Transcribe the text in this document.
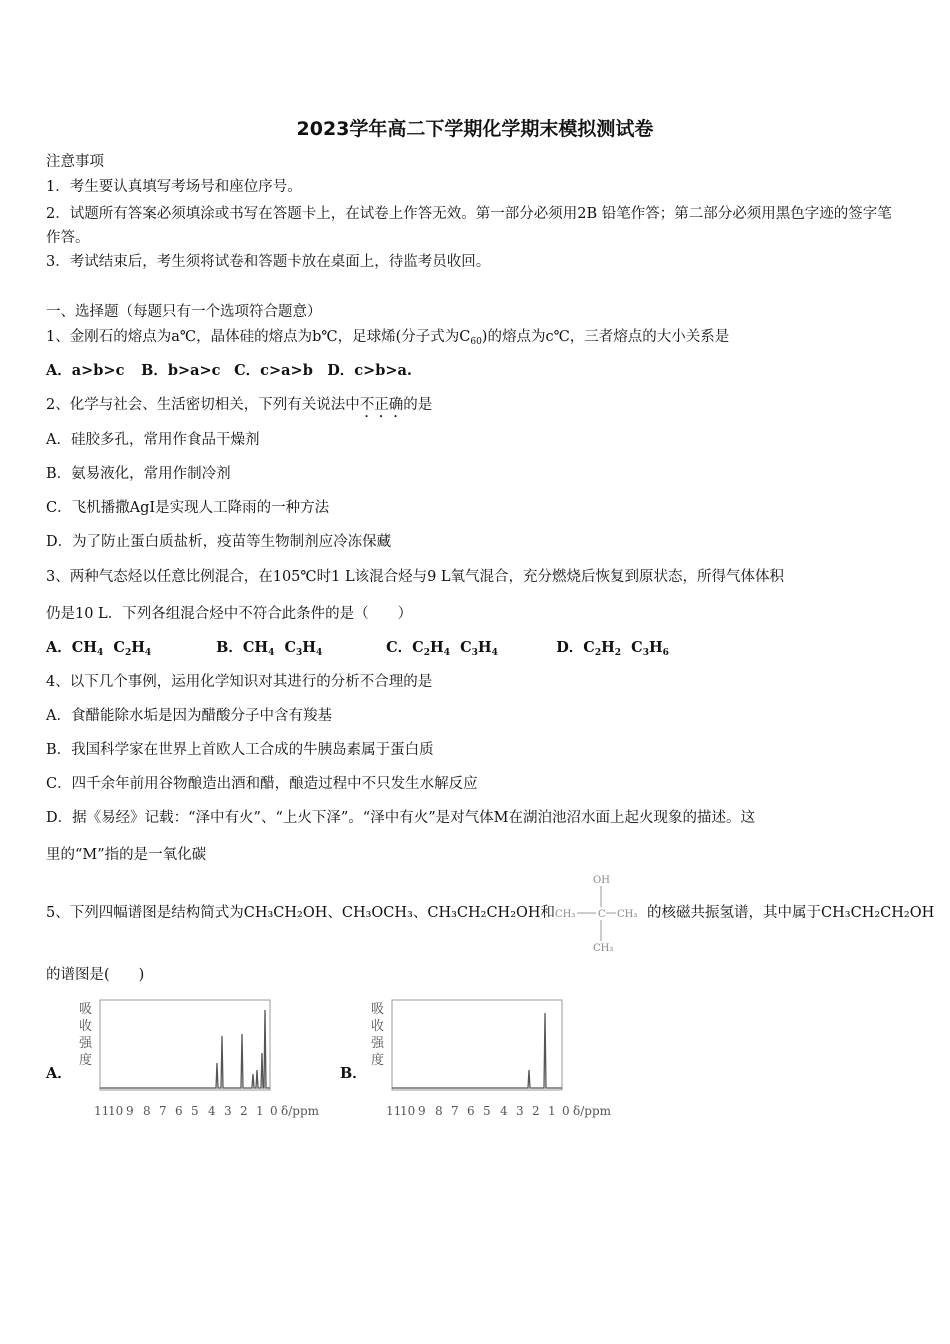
2023学年高二下学期化学期末模拟测试卷
注意事项
1．考生要认真填写考场号和座位序号。
2．试题所有答案必须填涂或书写在答题卡上，在试卷上作答无效。第一部分必须用2B 铅笔作答；第二部分必须用黑色字迹的签字笔作答。
3．考试结束后，考生须将试卷和答题卡放在桌面上，待监考员收回。
一、选择题（每题只有一个选项符合题意）
1、金刚石的熔点为a℃，晶体硅的熔点为b℃，足球烯(分子式为$C_{60}$)的熔点为c℃，三者熔点的大小关系是
A．a>b>c B．b>a>c C．c>a>b D．c>b>a.
2、化学与社会、生活密切相关，下列有关说法中不正确的是
A．硅胶多孔，常用作食品干燥剂
B．氨易液化，常用作制冷剂
C．飞机播撒AgI是实现人工降雨的一种方法
D．为了防止蛋白质盐析，疫苗等生物制剂应冷冻保藏
3、两种气态烃以任意比例混合，在105℃时1 L该混合烃与9 L氧气混合，充分燃烧后恢复到原状态，所得气体体积
仍是10 L．下列各组混合烃中不符合此条件的是（　　）
A．$CH_4$ $C_2H_4$	B．$CH_4$ $C_3H_4$	C．$C_2H_4$ $C_3H_4$	D．$C_2H_2$ $C_3H_6$
4、以下几个事例，运用化学知识对其进行的分析不合理的是
A．食醋能除水垢是因为醋酸分子中含有羧基
B．我国科学家在世界上首欧人工合成的牛胰岛素属于蛋白质
C．四千余年前用谷物酿造出酒和醋，酿造过程中不只发生水解反应
D．据《易经》记载：“泽中有火”、“上火下泽”。“泽中有火”是对气体M在湖泊池沼水面上起火现象的描述。这
里的“M”指的是一氧化碳
5、下列四幅谱图是结构简式为CH₃CH₂OH、CH₃OCH₃、CH₃CH₂CH₂OH和
OH
CH₃ C CH₃
CH₃
的核磁共振氢谱，其中属于CH₃CH₂CH₂OH
的谱图是(　　)
A．
吸
收
强
度
11
10 9 8 7 6 5 4 3 2 1 0 δ/ppm
B．
吸
收
强
度
11
10 9 8 7 6 5 4 3 2 1 0 δ/ppm
